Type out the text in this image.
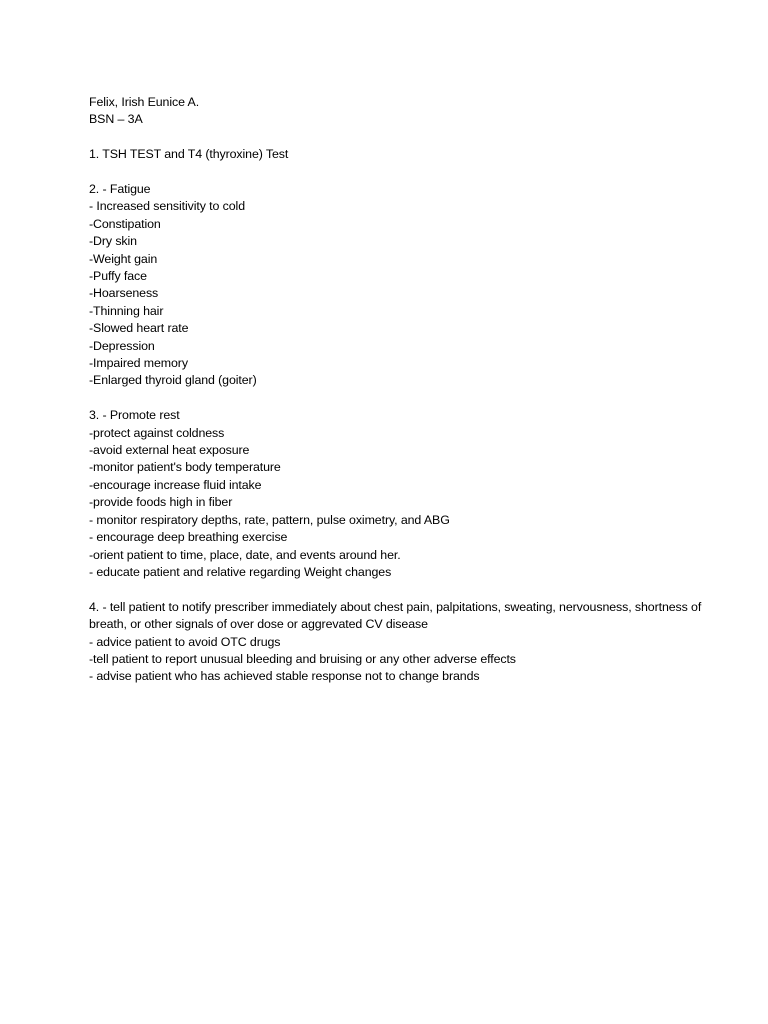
Felix, Irish Eunice A.
BSN – 3A
1. TSH TEST and T4 (thyroxine) Test
2. - Fatigue
- Increased sensitivity to cold
-Constipation
-Dry skin
-Weight gain
-Puffy face
-Hoarseness
-Thinning hair
-Slowed heart rate
-Depression
-Impaired memory
-Enlarged thyroid gland (goiter)
3. - Promote rest
-protect against coldness
-avoid external heat exposure
-monitor patient's body temperature
-encourage increase fluid intake
-provide foods high in fiber
- monitor respiratory depths, rate, pattern, pulse oximetry, and ABG
- encourage deep breathing exercise
-orient patient to time, place, date, and events around her.
- educate patient and relative regarding Weight changes
4. - tell patient to notify prescriber immediately about chest pain, palpitations, sweating, nervousness, shortness of breath, or other signals of over dose or aggrevated CV disease
- advice patient to avoid OTC drugs
-tell patient to report unusual bleeding and bruising or any other adverse effects
- advise patient who has achieved stable response not to change brands
